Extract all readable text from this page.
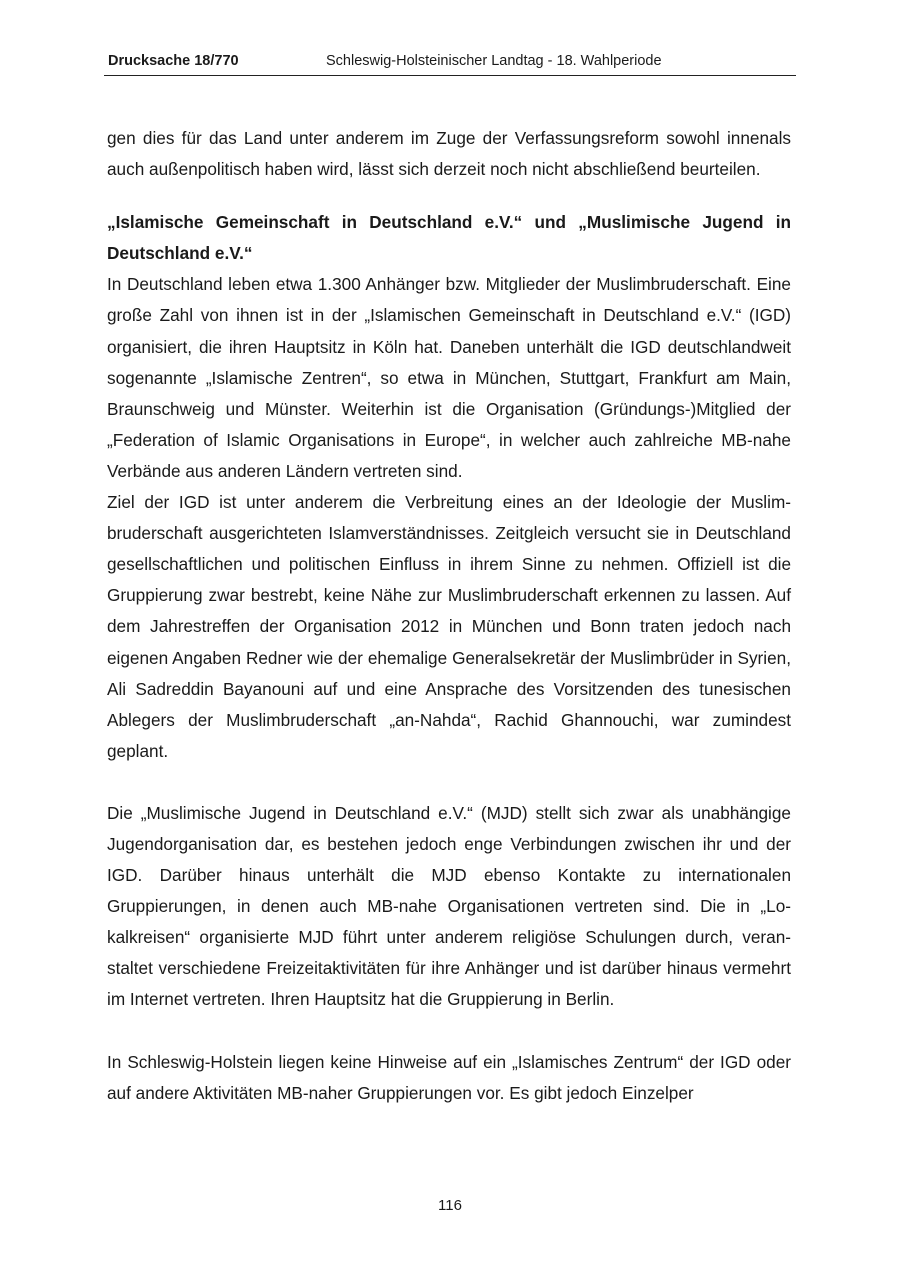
Drucksache 18/770	Schleswig-Holsteinischer Landtag - 18. Wahlperiode

gen dies für das Land unter anderem im Zuge der Verfassungsreform sowohl innenals auch außenpolitisch haben wird, lässt sich derzeit noch nicht abschließend beurteilen.

„Islamische Gemeinschaft in Deutschland e.V.“ und „Muslimische Jugend in Deutschland e.V.“

In Deutschland leben etwa 1.300 Anhänger bzw. Mitglieder der Muslimbruderschaft. Eine große Zahl von ihnen ist in der „Islamischen Gemeinschaft in Deutschland e.V.“ (IGD) organisiert, die ihren Hauptsitz in Köln hat. Daneben unterhält die IGD deutschlandweit sogenannte „Islamische Zentren“, so etwa in München, Stuttgart, Frankfurt am Main, Braunschweig und Münster. Weiterhin ist die Organisation (Gründungs-)Mitglied der „Federation of Islamic Organisations in Europe“, in welcher auch zahlreiche MB-nahe Verbände aus anderen Ländern vertreten sind.

Ziel der IGD ist unter anderem die Verbreitung eines an der Ideologie der Muslimbruderschaft ausgerichteten Islamverständnisses. Zeitgleich versucht sie in Deutschland gesellschaftlichen und politischen Einfluss in ihrem Sinne zu nehmen. Offiziell ist die Gruppierung zwar bestrebt, keine Nähe zur Muslimbruderschaft erkennen zu lassen. Auf dem Jahrestreffen der Organisation 2012 in München und Bonn traten jedoch nach eigenen Angaben Redner wie der ehemalige Generalsekretär der Muslimbrüder in Syrien, Ali Sadreddin Bayanouni auf und eine Ansprache des Vorsitzenden des tunesischen Ablegers der Muslimbruderschaft „an-Nahda“, Rachid Ghannouchi, war zumindest geplant.

Die „Muslimische Jugend in Deutschland e.V.“ (MJD) stellt sich zwar als unabhängige Jugendorganisation dar, es bestehen jedoch enge Verbindungen zwischen ihr und der IGD. Darüber hinaus unterhält die MJD ebenso Kontakte zu internationalen Gruppierungen, in denen auch MB-nahe Organisationen vertreten sind. Die in „Lokalkreisen“ organisierte MJD führt unter anderem religiöse Schulungen durch, veranstaltet verschiedene Freizeitaktivitäten für ihre Anhänger und ist darüber hinaus vermehrt im Internet vertreten. Ihren Hauptsitz hat die Gruppierung in Berlin.

In Schleswig-Holstein liegen keine Hinweise auf ein „Islamisches Zentrum“ der IGD oder auf andere Aktivitäten MB-naher Gruppierungen vor. Es gibt jedoch Einzelper

116
